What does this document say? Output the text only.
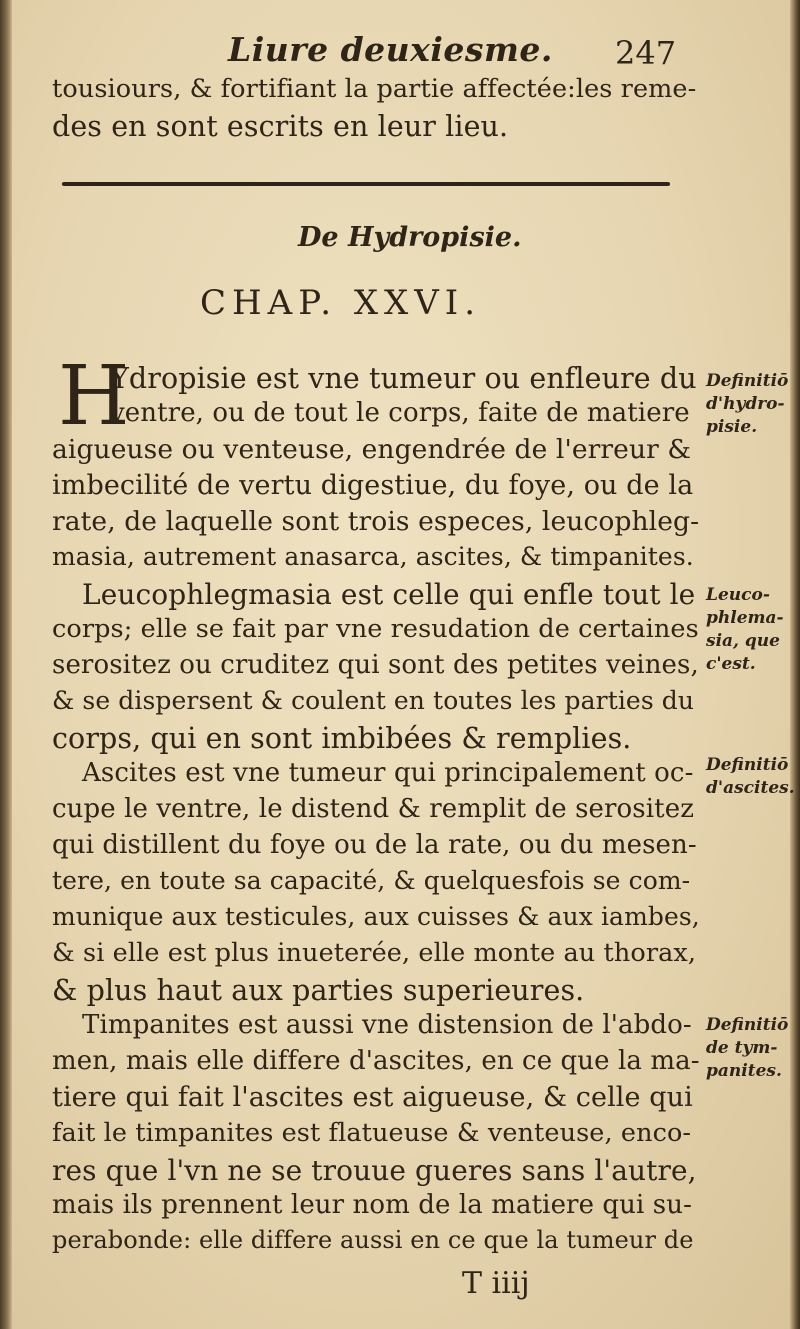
Liure deuxiesme. 247
tousiours, & fortifiant la partie affectée:les reme-
des en sont escrits en leur lieu.
De Hydropisie.
CHAP. XXVI.
H
Ydropisie est vne tumeur ou enfleure du
ventre, ou de tout le corps, faite de matiere
aigueuse ou venteuse, engendrée de l'erreur &
imbecilité de vertu digestiue, du foye, ou de la
rate, de laquelle sont trois especes, leucophleg-
masia, autrement anasarca, ascites, & timpanites.
Leucophlegmasia est celle qui enfle tout le
corps; elle se fait par vne resudation de certaines
serositez ou cruditez qui sont des petites veines,
& se dispersent & coulent en toutes les parties du
corps, qui en sont imbibées & remplies.
Ascites est vne tumeur qui principalement oc-
cupe le ventre, le distend & remplit de serositez
qui distillent du foye ou de la rate, ou du mesen-
tere, en toute sa capacité, & quelquesfois se com-
munique aux testicules, aux cuisses & aux iambes,
& si elle est plus inueterée, elle monte au thorax,
& plus haut aux parties superieures.
Timpanites est aussi vne distension de l'abdo-
men, mais elle differe d'ascites, en ce que la ma-
tiere qui fait l'ascites est aigueuse, & celle qui
fait le timpanites est flatueuse & venteuse, enco-
res que l'vn ne se trouue gueres sans l'autre,
mais ils prennent leur nom de la matiere qui su-
perabonde: elle differe aussi en ce que la tumeur de
Definitiō
d'hydro-
pisie.
Leuco-
phlema-
sia, que
c'est.
Definitiō
d'ascites.
Definitiō
de tym-
panites.
T iiij
